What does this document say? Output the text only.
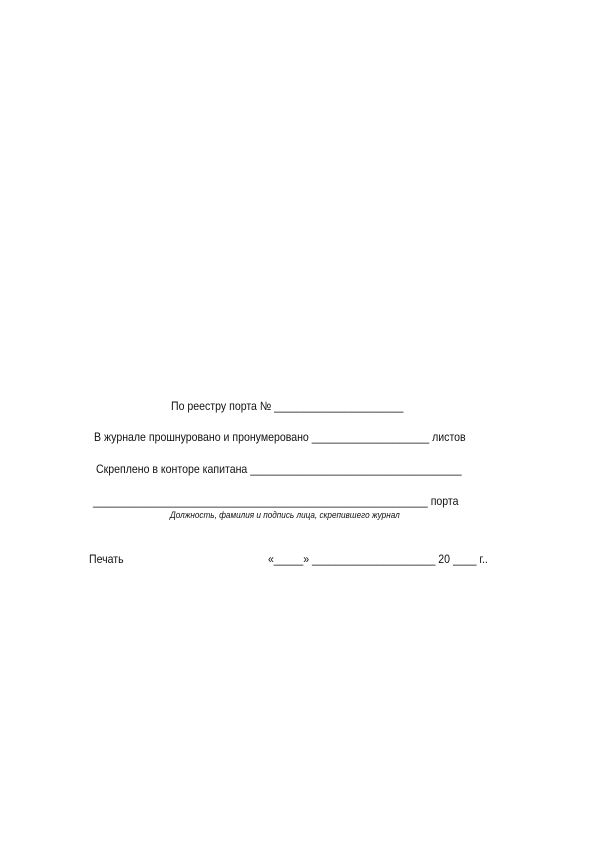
По реестру порта № ______________________
В журнале прошнуровано и пронумеровано ____________________ листов
Скреплено в конторе капитана ____________________________________
_________________________________________________________ порта
Должность, фамилия и подпись лица, скрепившего журнал
Печать	«_____» _____________________ 20 ____ г..
